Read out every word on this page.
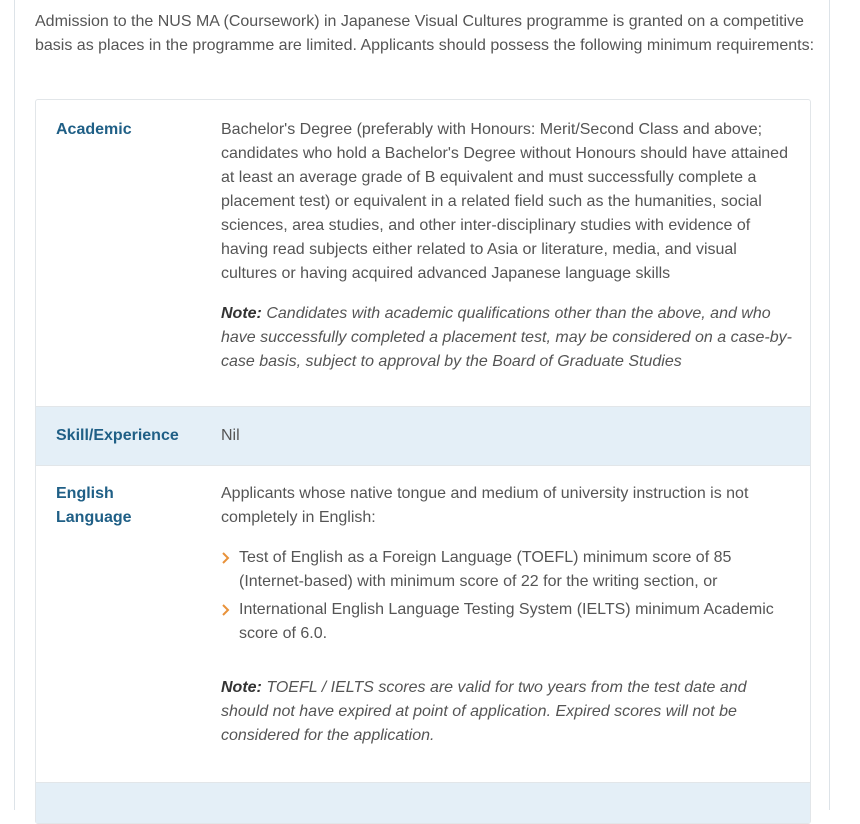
Admission to the NUS MA (Coursework) in Japanese Visual Cultures programme is granted on a competitive basis as places in the programme are limited. Applicants should possess the following minimum requirements:

Academic	Bachelor's Degree (preferably with Honours: Merit/Second Class and above; candidates who hold a Bachelor's Degree without Honours should have attained at least an average grade of B equivalent and must successfully complete a placement test) or equivalent in a related field such as the humanities, social sciences, area studies, and other inter-disciplinary studies with evidence of having read subjects either related to Asia or literature, media, and visual cultures or having acquired advanced Japanese language skills

Note: Candidates with academic qualifications other than the above, and who have successfully completed a placement test, may be considered on a case-by-case basis, subject to approval by the Board of Graduate Studies

Skill/Experience	Nil
English Language

Applicants whose native tongue and medium of university instruction is not completely in English:

Test of English as a Foreign Language (TOEFL) minimum score of 85 (Internet-based) with minimum score of 22 for the writing section, or
International English Language Testing System (IELTS) minimum Academic score of 6.0.

Note: TOEFL / IELTS scores are valid for two years from the test date and should not have expired at point of application. Expired scores will not be considered for the application.
